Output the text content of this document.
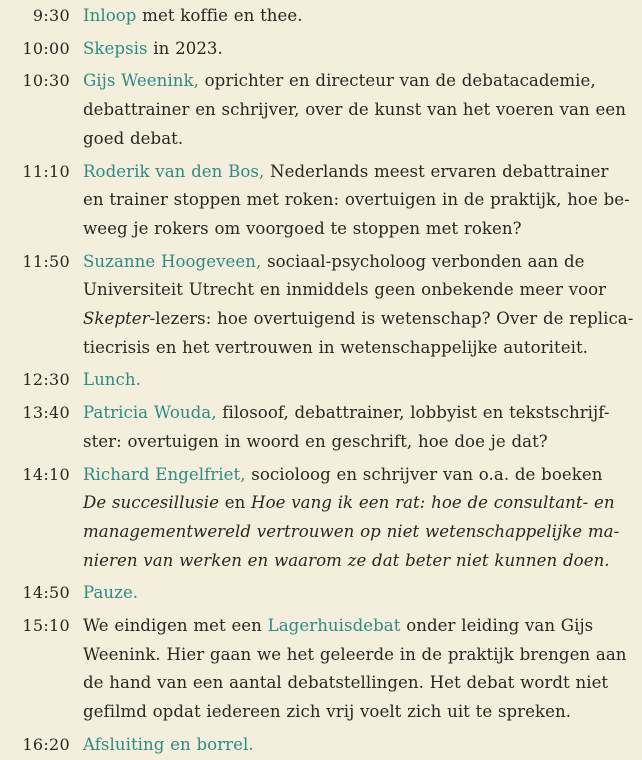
9:30 Inloop met koffie en thee.
10:00 Skepsis in 2023.
10:30 Gijs Weenink, oprichter en directeur van de debatacademie,
debattrainer en schrijver, over de kunst van het voeren van een
goed debat.
11:10 Roderik van den Bos, Nederlands meest ervaren debattrainer
en trainer stoppen met roken: overtuigen in de praktijk, hoe be-
weeg je rokers om voorgoed te stoppen met roken?
11:50 Suzanne Hoogeveen, sociaal-psycholoog verbonden aan de
Universiteit Utrecht en inmiddels geen onbekende meer voor
Skepter-lezers: hoe overtuigend is wetenschap? Over de replica-
tiecrisis en het vertrouwen in wetenschappelijke autoriteit.
12:30 Lunch.
13:40 Patricia Wouda, filosoof, debattrainer, lobbyist en tekstschrijf-
ster: overtuigen in woord en geschrift, hoe doe je dat?
14:10 Richard Engelfriet, socioloog en schrijver van o.a. de boeken
De succesillusie en Hoe vang ik een rat: hoe de consultant- en
managementwereld vertrouwen op niet wetenschappelijke ma-
nieren van werken en waarom ze dat beter niet kunnen doen.
14:50 Pauze.
15:10 We eindigen met een Lagerhuisdebat onder leiding van Gijs
Weenink. Hier gaan we het geleerde in de praktijk brengen aan
de hand van een aantal debatstellingen. Het debat wordt niet
gefilmd opdat iedereen zich vrij voelt zich uit te spreken.
16:20 Afsluiting en borrel.
